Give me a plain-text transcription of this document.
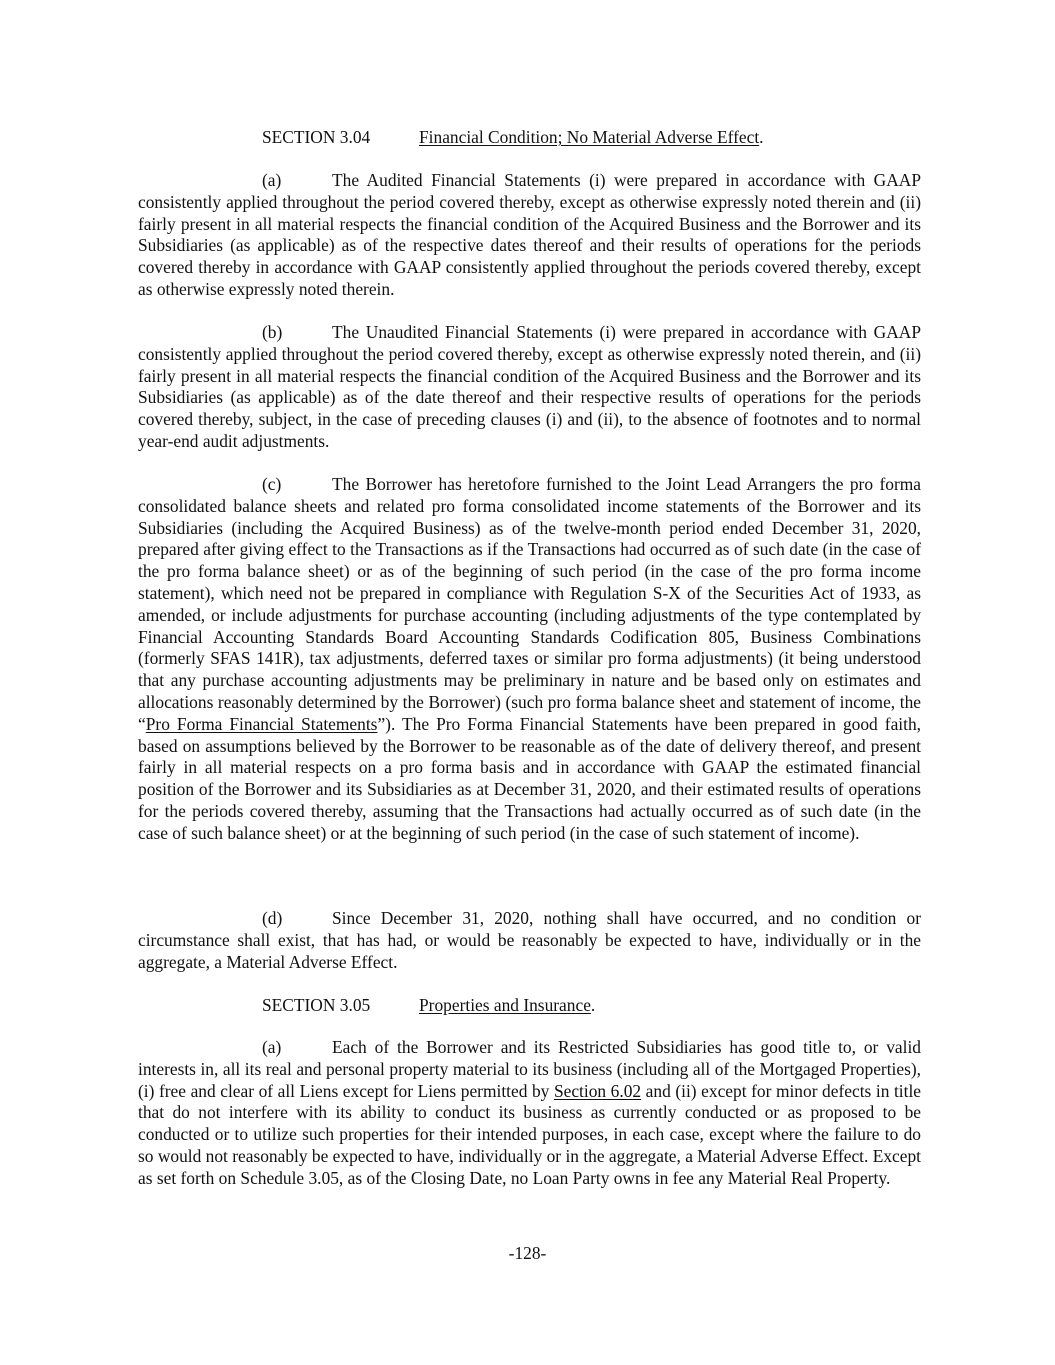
SECTION 3.04	Financial Condition; No Material Adverse Effect.

(a)	The Audited Financial Statements (i) were prepared in accordance with GAAP consistently applied throughout the period covered thereby, except as otherwise expressly noted therein and (ii) fairly present in all material respects the financial condition of the Acquired Business and the Borrower and its Subsidiaries (as applicable) as of the respective dates thereof and their results of operations for the periods covered thereby in accordance with GAAP consistently applied throughout the periods covered thereby, except as otherwise expressly noted therein.

(b)	The Unaudited Financial Statements (i) were prepared in accordance with GAAP consistently applied throughout the period covered thereby, except as otherwise expressly noted therein, and (ii) fairly present in all material respects the financial condition of the Acquired Business and the Borrower and its Subsidiaries (as applicable) as of the date thereof and their respective results of operations for the periods covered thereby, subject, in the case of preceding clauses (i) and (ii), to the absence of footnotes and to normal year-end audit adjustments.

(c)	The Borrower has heretofore furnished to the Joint Lead Arrangers the pro forma consolidated balance sheets and related pro forma consolidated income statements of the Borrower and its Subsidiaries (including the Acquired Business) as of the twelve-month period ended December 31, 2020, prepared after giving effect to the Transactions as if the Transactions had occurred as of such date (in the case of the pro forma balance sheet) or as of the beginning of such period (in the case of the pro forma income statement), which need not be prepared in compliance with Regulation S-X of the Securities Act of 1933, as amended, or include adjustments for purchase accounting (including adjustments of the type contemplated by Financial Accounting Standards Board Accounting Standards Codification 805, Business Combinations (formerly SFAS 141R), tax adjustments, deferred taxes or similar pro forma adjustments) (it being understood that any purchase accounting adjustments may be preliminary in nature and be based only on estimates and allocations reasonably determined by the Borrower) (such pro forma balance sheet and statement of income, the “Pro Forma Financial Statements”). The Pro Forma Financial Statements have been prepared in good faith, based on assumptions believed by the Borrower to be reasonable as of the date of delivery thereof, and present fairly in all material respects on a pro forma basis and in accordance with GAAP the estimated financial position of the Borrower and its Subsidiaries as at December 31, 2020, and their estimated results of operations for the periods covered thereby, assuming that the Transactions had actually occurred as of such date (in the case of such balance sheet) or at the beginning of such period (in the case of such statement of income).

(d)	Since December 31, 2020, nothing shall have occurred, and no condition or circumstance shall exist, that has had, or would be reasonably be expected to have, individually or in the aggregate, a Material Adverse Effect.

SECTION 3.05	Properties and Insurance.

(a)	Each of the Borrower and its Restricted Subsidiaries has good title to, or valid interests in, all its real and personal property material to its business (including all of the Mortgaged Properties), (i) free and clear of all Liens except for Liens permitted by Section 6.02 and (ii) except for minor defects in title that do not interfere with its ability to conduct its business as currently conducted or as proposed to be conducted or to utilize such properties for their intended purposes, in each case, except where the failure to do so would not reasonably be expected to have, individually or in the aggregate, a Material Adverse Effect. Except as set forth on Schedule 3.05, as of the Closing Date, no Loan Party owns in fee any Material Real Property.

-128-
